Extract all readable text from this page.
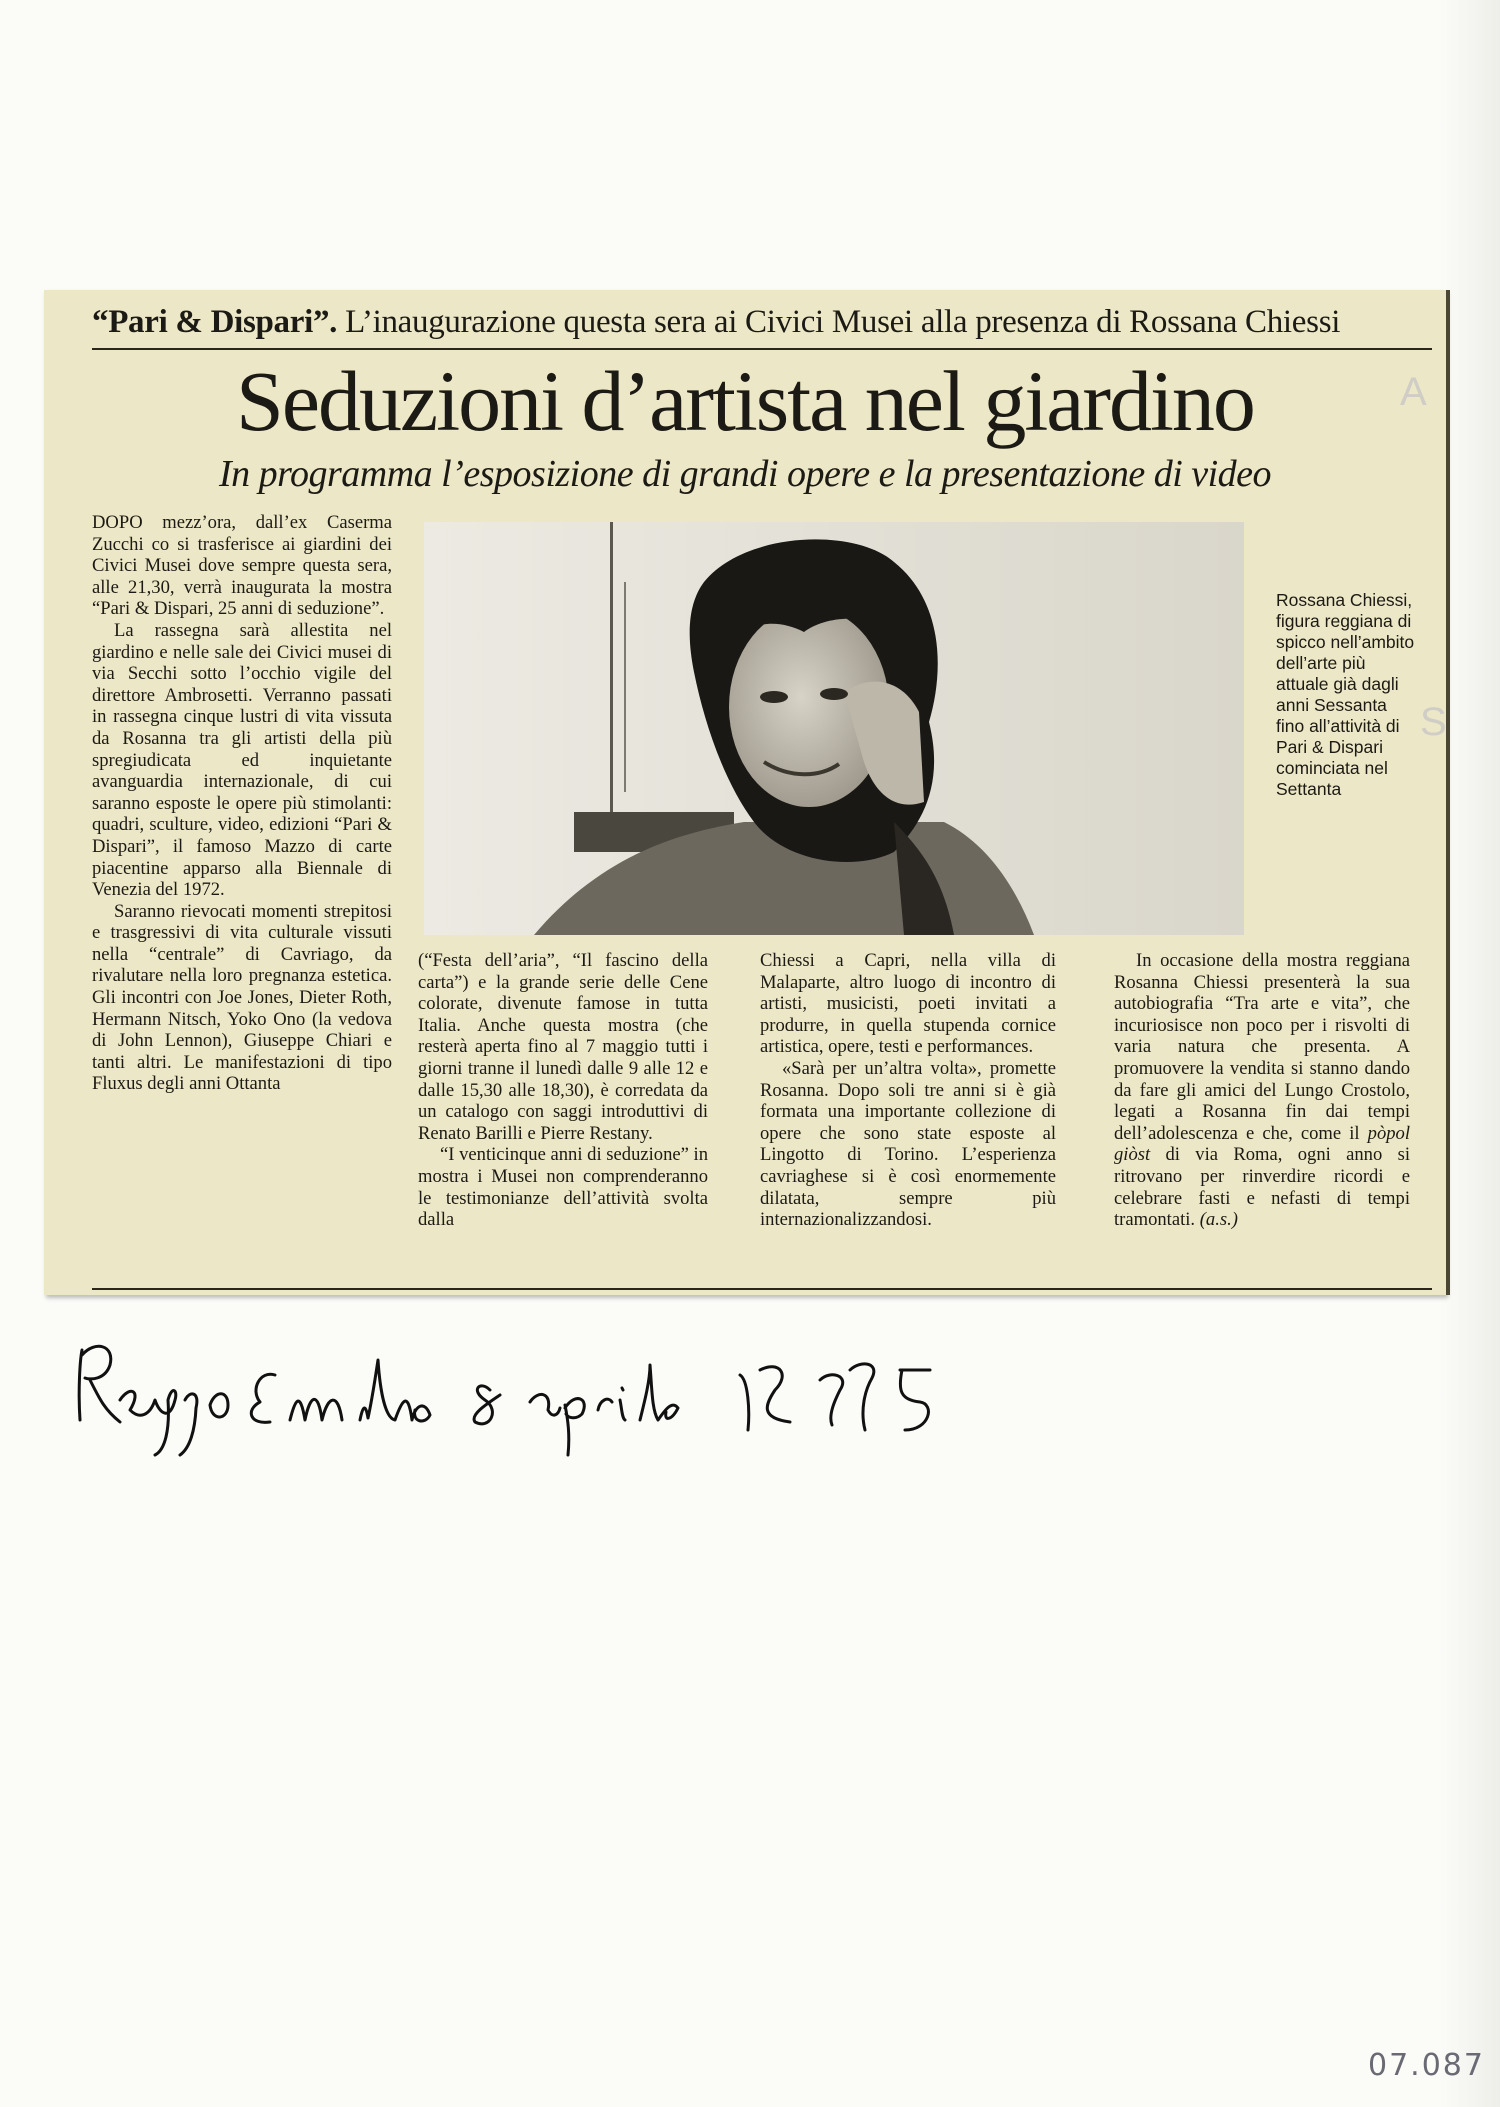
“Pari & Dispari”. L’inaugurazione questa sera ai Civici Musei alla presenza di Rossana Chiessi
Seduzioni d’artista nel giardino
In programma l’esposizione di grandi opere e la presentazione di video

DOPO mezz’ora, dall’ex Caserma Zucchi co si trasferisce ai giardini dei Civici Musei dove sempre questa sera, alle 21,30, verrà inaugurata la mostra “Pari & Dispari, 25 anni di seduzione”.

La rassegna sarà allestita nel giardino e nelle sale dei Civici musei di via Secchi sotto l’occhio vigile del direttore Ambrosetti. Verranno passati in rassegna cinque lustri di vita vissuta da Rosanna tra gli artisti della più spregiudicata ed inquietante avanguardia internazionale, di cui saranno esposte le opere più stimolanti: quadri, sculture, video, edizioni “Pari & Dispari”, il famoso Mazzo di carte piacentine apparso alla Biennale di Venezia del 1972.

Saranno rievocati momenti strepitosi e trasgressivi di vita culturale vissuti nella “centrale” di Cavriago, da rivalutare nella loro pregnanza estetica. Gli incontri con Joe Jones, Dieter Roth, Hermann Nitsch, Yoko Ono (la vedova di John Lennon), Giuseppe Chiari e tanti altri. Le manifestazioni di tipo Fluxus degli anni Ottanta

Rossana Chiessi, figura reggiana di spicco nell’ambito dell’arte più attuale già dagli anni Sessanta fino all’attività di Pari & Dispari cominciata nel Settanta

(“Festa dell’aria”, “Il fascino della carta”) e la grande serie delle Cene colorate, divenute famose in tutta Italia. Anche questa mostra (che resterà aperta fino al 7 maggio tutti i giorni tranne il lunedì dalle 9 alle 12 e dalle 15,30 alle 18,30), è corredata da un catalogo con saggi introduttivi di Renato Barilli e Pierre Restany.

“I venticinque anni di seduzione” in mostra i Musei non comprenderanno le testimonianze dell’attività svolta dalla

Chiessi a Capri, nella villa di Malaparte, altro luogo di incontro di artisti, musicisti, poeti invitati a produrre, in quella stupenda cornice artistica, opere, testi e performances.

«Sarà per un’altra volta», promette Rosanna. Dopo soli tre anni si è già formata una importante collezione di opere che sono state esposte al Lingotto di Torino. L’esperienza cavriaghese si è così enormemente dilatata, sempre più internazionalizzandosi.

In occasione della mostra reggiana Rosanna Chiessi presenterà la sua autobiografia “Tra arte e vita”, che incuriosisce non poco per i risvolti di varia natura che presenta. A promuovere la vendita si stanno dando da fare gli amici del Lungo Crostolo, legati a Rosanna fin dai tempi dell’adolescenza e che, come il pòpol giòst di via Roma, ogni anno si ritrovano per rinverdire ricordi e celebrare fasti e nefasti di tempi tramontati. (a.s.)

A
S
07.087
